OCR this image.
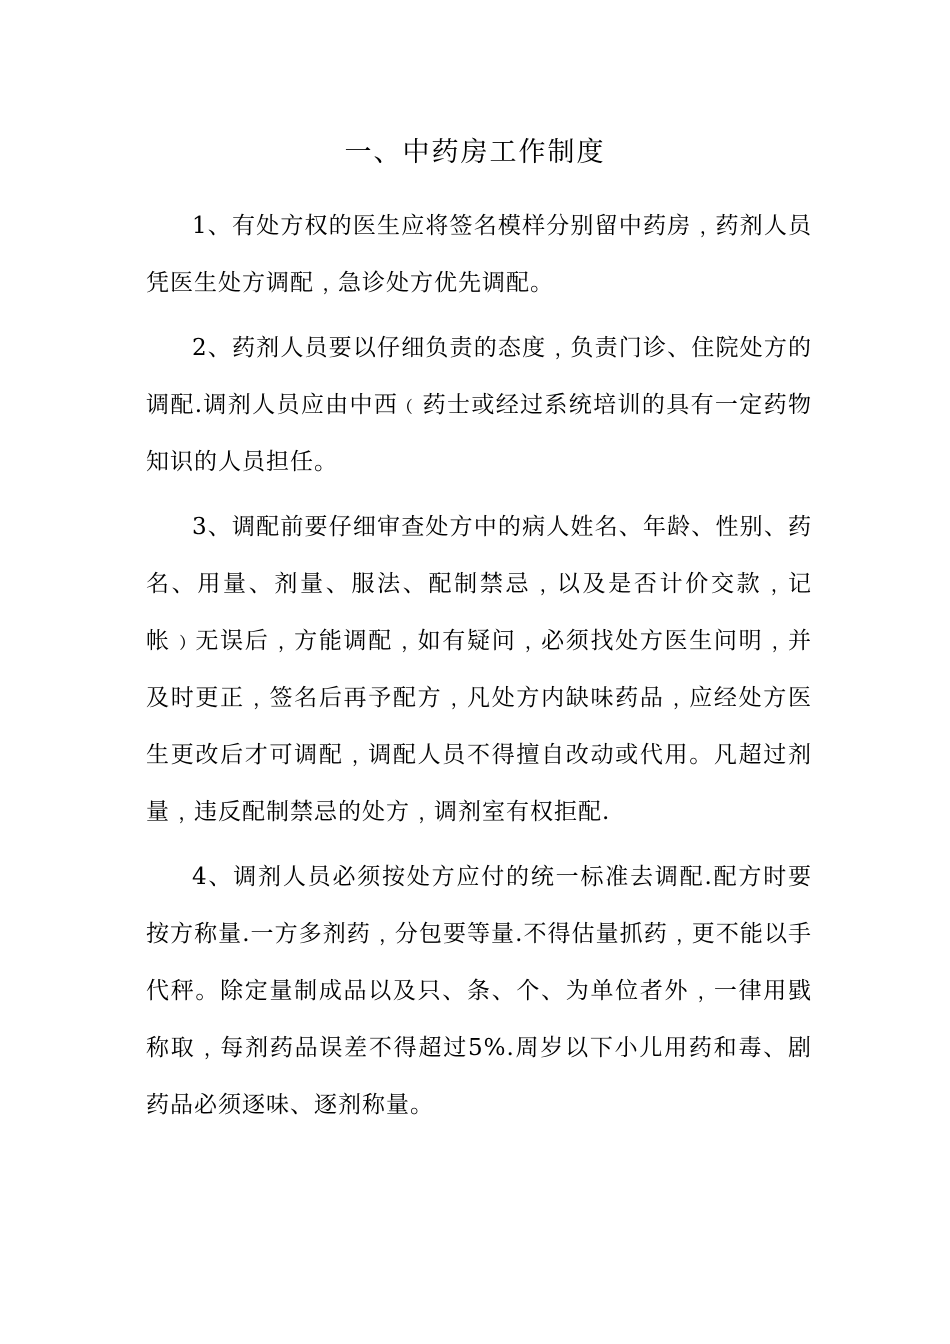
一、中药房工作制度

1、有处方权的医生应将签名模样分别留中药房﹐药剂人员凭医生处方调配﹐急诊处方优先调配。

2、药剂人员要以仔细负责的态度﹐负责门诊、住院处方的调配.调剂人员应由中西﹙药士或经过系统培训的具有一定药物知识的人员担任。

3、调配前要仔细审查处方中的病人姓名、年龄、性别、药名、用量、剂量、服法、配制禁忌﹐以及是否计价交款﹐记帐﹚无误后﹐方能调配﹐如有疑问﹐必须找处方医生问明﹐并及时更正﹐签名后再予配方﹐凡处方内缺味药品﹐应经处方医生更改后才可调配﹐调配人员不得擅自改动或代用。凡超过剂量﹐违反配制禁忌的处方﹐调剂室有权拒配.

4、调剂人员必须按处方应付的统一标准去调配.配方时要按方称量.一方多剂药﹐分包要等量.不得估量抓药﹐更不能以手代秤。除定量制成品以及只、条、个、为单位者外﹐一律用戥称取﹐每剂药品误差不得超过5%.周岁以下小儿用药和毒、剧药品必须逐味、逐剂称量。
